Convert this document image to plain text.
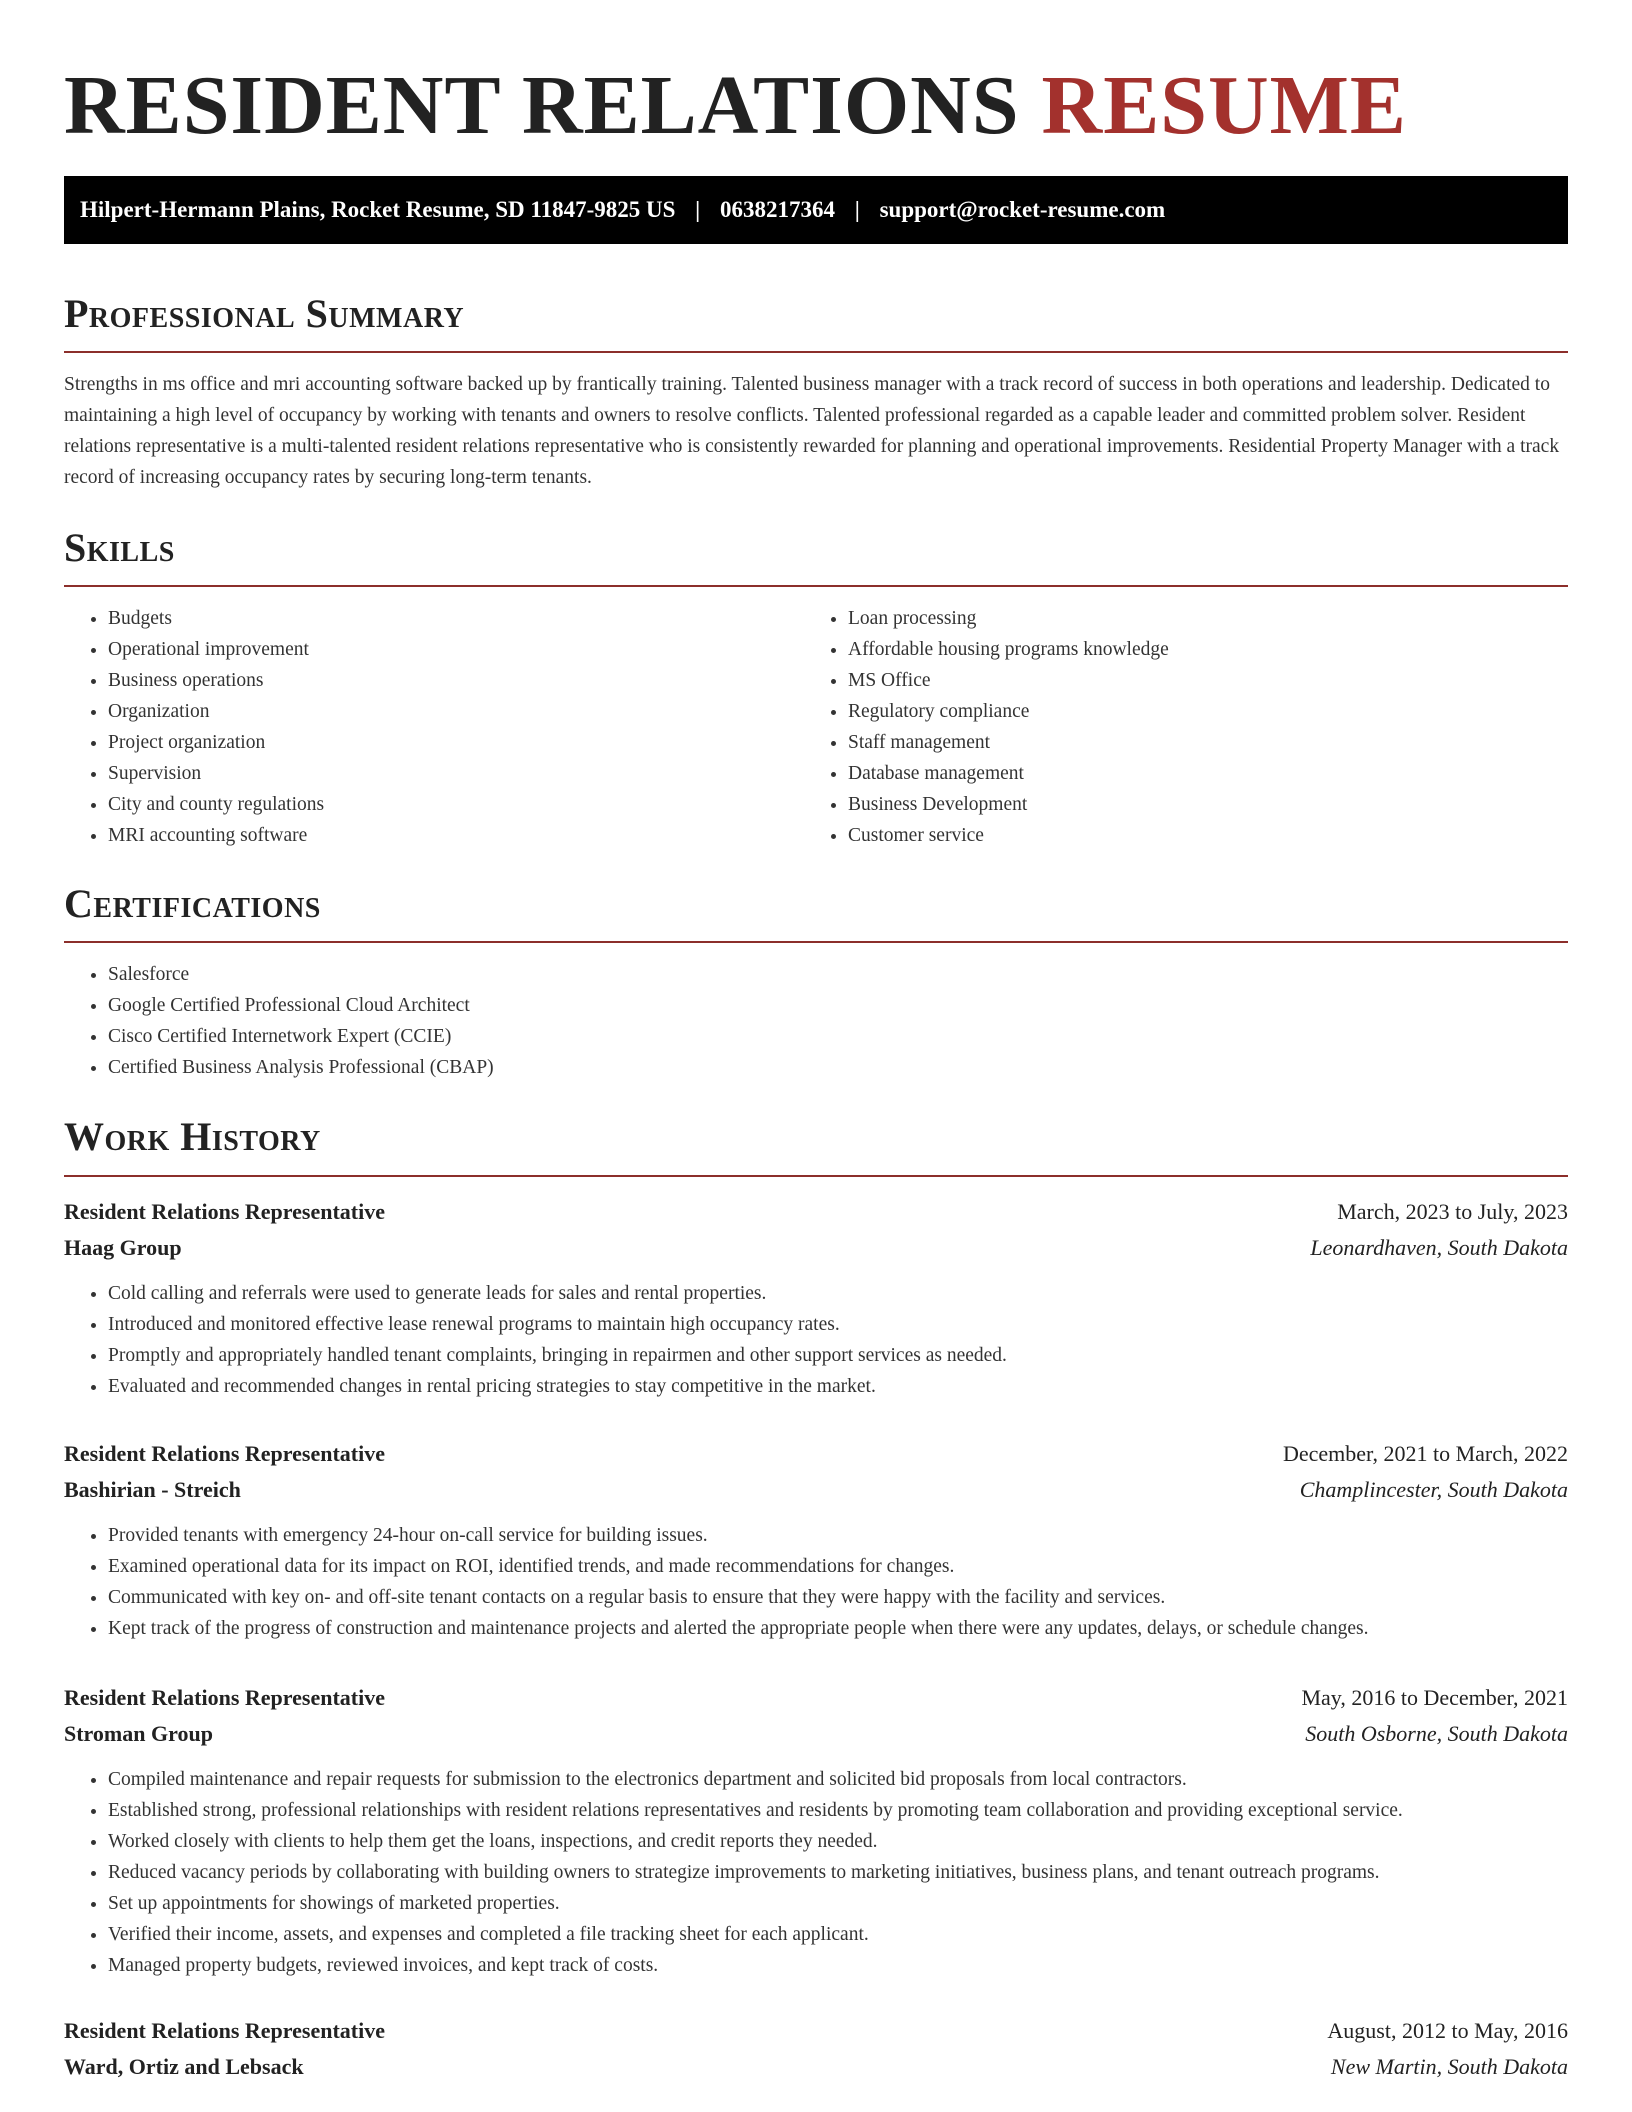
RESIDENT RELATIONS RESUME
Hilpert-Hermann Plains, Rocket Resume, SD 11847-9825 US | 0638217364 | support@rocket-resume.com
Professional Summary

Strengths in ms office and mri accounting software backed up by frantically training. Talented business manager with a track record of success in both operations and leadership. Dedicated to maintaining a high level of occupancy by working with tenants and owners to resolve conflicts. Talented professional regarded as a capable leader and committed problem solver. Resident relations representative is a multi-talented resident relations representative who is consistently rewarded for planning and operational improvements. Residential Property Manager with a track record of increasing occupancy rates by securing long-term tenants.

Skills
• Budgets
• Operational improvement
• Business operations
• Organization
• Project organization
• Supervision
• City and county regulations
• MRI accounting software
• Loan processing
• Affordable housing programs knowledge
• MS Office
• Regulatory compliance
• Staff management
• Database management
• Business Development
• Customer service
Certifications
• Salesforce
• Google Certified Professional Cloud Architect
• Cisco Certified Internetwork Expert (CCIE)
• Certified Business Analysis Professional (CBAP)
Work History
Resident Relations Representative	March, 2023 to July, 2023
Haag Group	Leonardhaven, South Dakota
• Cold calling and referrals were used to generate leads for sales and rental properties.
• Introduced and monitored effective lease renewal programs to maintain high occupancy rates.
• Promptly and appropriately handled tenant complaints, bringing in repairmen and other support services as needed.
• Evaluated and recommended changes in rental pricing strategies to stay competitive in the market.
Resident Relations Representative	December, 2021 to March, 2022
Bashirian - Streich	Champlincester, South Dakota
• Provided tenants with emergency 24-hour on-call service for building issues.
• Examined operational data for its impact on ROI, identified trends, and made recommendations for changes.
• Communicated with key on- and off-site tenant contacts on a regular basis to ensure that they were happy with the facility and services.
• Kept track of the progress of construction and maintenance projects and alerted the appropriate people when there were any updates, delays, or schedule changes.
Resident Relations Representative	May, 2016 to December, 2021
Stroman Group	South Osborne, South Dakota
• Compiled maintenance and repair requests for submission to the electronics department and solicited bid proposals from local contractors.
• Established strong, professional relationships with resident relations representatives and residents by promoting team collaboration and providing exceptional service.
• Worked closely with clients to help them get the loans, inspections, and credit reports they needed.
• Reduced vacancy periods by collaborating with building owners to strategize improvements to marketing initiatives, business plans, and tenant outreach programs.
• Set up appointments for showings of marketed properties.
• Verified their income, assets, and expenses and completed a file tracking sheet for each applicant.
• Managed property budgets, reviewed invoices, and kept track of costs.
Resident Relations Representative	August, 2012 to May, 2016
Ward, Ortiz and Lebsack	New Martin, South Dakota
